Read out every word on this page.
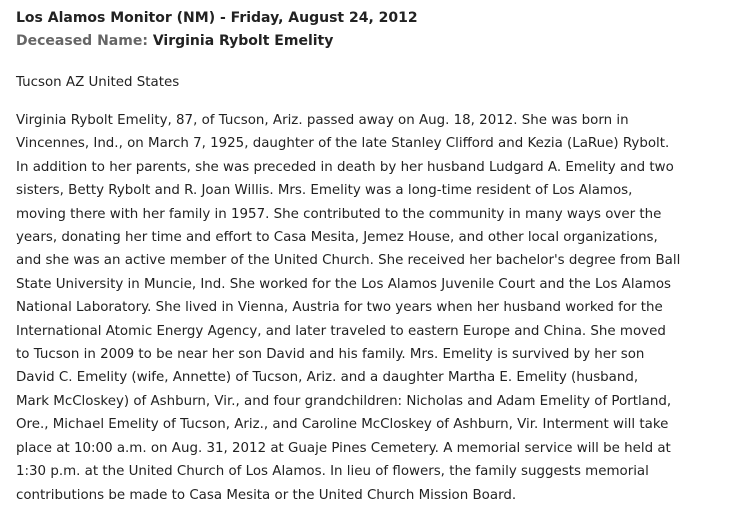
Los Alamos Monitor (NM) - Friday, August 24, 2012
Deceased Name: Virginia Rybolt Emelity
Tucson AZ United States
Virginia Rybolt Emelity, 87, of Tucson, Ariz. passed away on Aug. 18, 2012. She was born in
Vincennes, Ind., on March 7, 1925, daughter of the late Stanley Clifford and Kezia (LaRue) Rybolt.
In addition to her parents, she was preceded in death by her husband Ludgard A. Emelity and two
sisters, Betty Rybolt and R. Joan Willis. Mrs. Emelity was a long-time resident of Los Alamos,
moving there with her family in 1957. She contributed to the community in many ways over the
years, donating her time and effort to Casa Mesita, Jemez House, and other local organizations,
and she was an active member of the United Church. She received her bachelor's degree from Ball
State University in Muncie, Ind. She worked for the Los Alamos Juvenile Court and the Los Alamos
National Laboratory. She lived in Vienna, Austria for two years when her husband worked for the
International Atomic Energy Agency, and later traveled to eastern Europe and China. She moved
to Tucson in 2009 to be near her son David and his family. Mrs. Emelity is survived by her son
David C. Emelity (wife, Annette) of Tucson, Ariz. and a daughter Martha E. Emelity (husband,
Mark McCloskey) of Ashburn, Vir., and four grandchildren: Nicholas and Adam Emelity of Portland,
Ore., Michael Emelity of Tucson, Ariz., and Caroline McCloskey of Ashburn, Vir. Interment will take
place at 10:00 a.m. on Aug. 31, 2012 at Guaje Pines Cemetery. A memorial service will be held at
1:30 p.m. at the United Church of Los Alamos. In lieu of flowers, the family suggests memorial
contributions be made to Casa Mesita or the United Church Mission Board.
